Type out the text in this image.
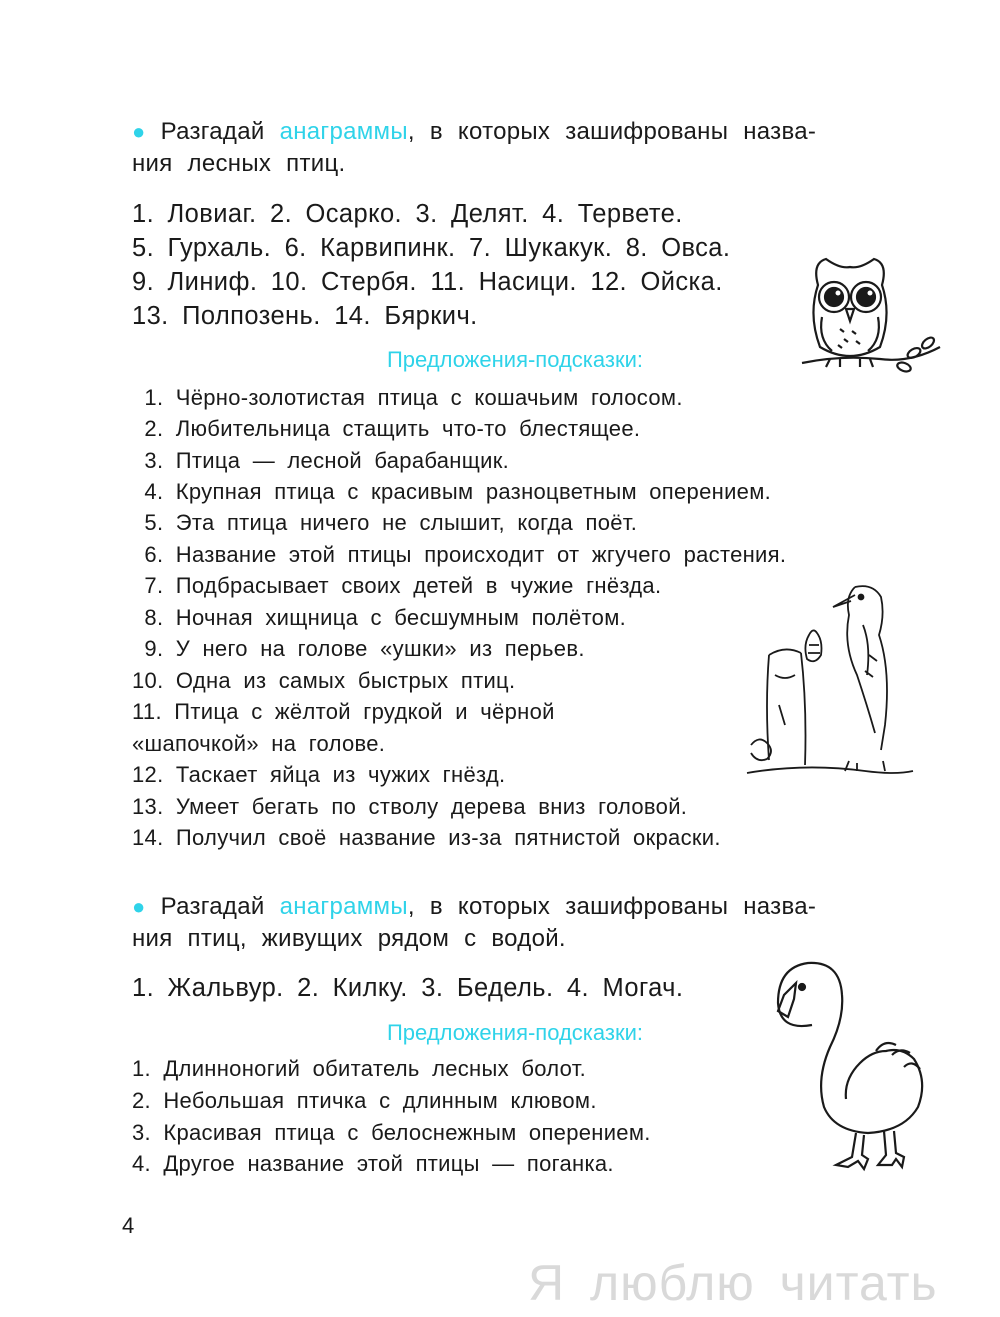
● Разгадай анаграммы, в которых зашифрованы назва-
ния лесных птиц.
1. Ловиаг. 2. Осарко. 3. Делят. 4. Тервете.
5. Гурхаль. 6. Карвипинк. 7. Шукакук. 8. Овса.
9. Линиф. 10. Стербя. 11. Насици. 12. Ойска.
13. Полпозень. 14. Бяркич.
Предложения-подсказки:
1. Чёрно-золотистая птица с кошачьим голосом.
2. Любительница стащить что-то блестящее.
3. Птица — лесной барабанщик.
4. Крупная птица с красивым разноцветным оперением.
5. Эта птица ничего не слышит, когда поёт.
6. Название этой птицы происходит от жгучего растения.
7. Подбрасывает своих детей в чужие гнёзда.
8. Ночная хищница с бесшумным полётом.
9. У него на голове «ушки» из перьев.
10. Одна из самых быстрых птиц.
11. Птица с жёлтой грудкой и чёрной
«шапочкой» на голове.
12. Таскает яйца из чужих гнёзд.
13. Умеет бегать по стволу дерева вниз головой.
14. Получил своё название из-за пятнистой окраски.
● Разгадай анаграммы, в которых зашифрованы назва-
ния птиц, живущих рядом с водой.
1. Жальвур. 2. Килку. 3. Бедель. 4. Могач.
Предложения-подсказки:
1. Длинноногий обитатель лесных болот.
2. Небольшая птичка с длинным клювом.
3. Красивая птица с белоснежным оперением.
4. Другое название этой птицы — поганка.
4
Я люблю читать
